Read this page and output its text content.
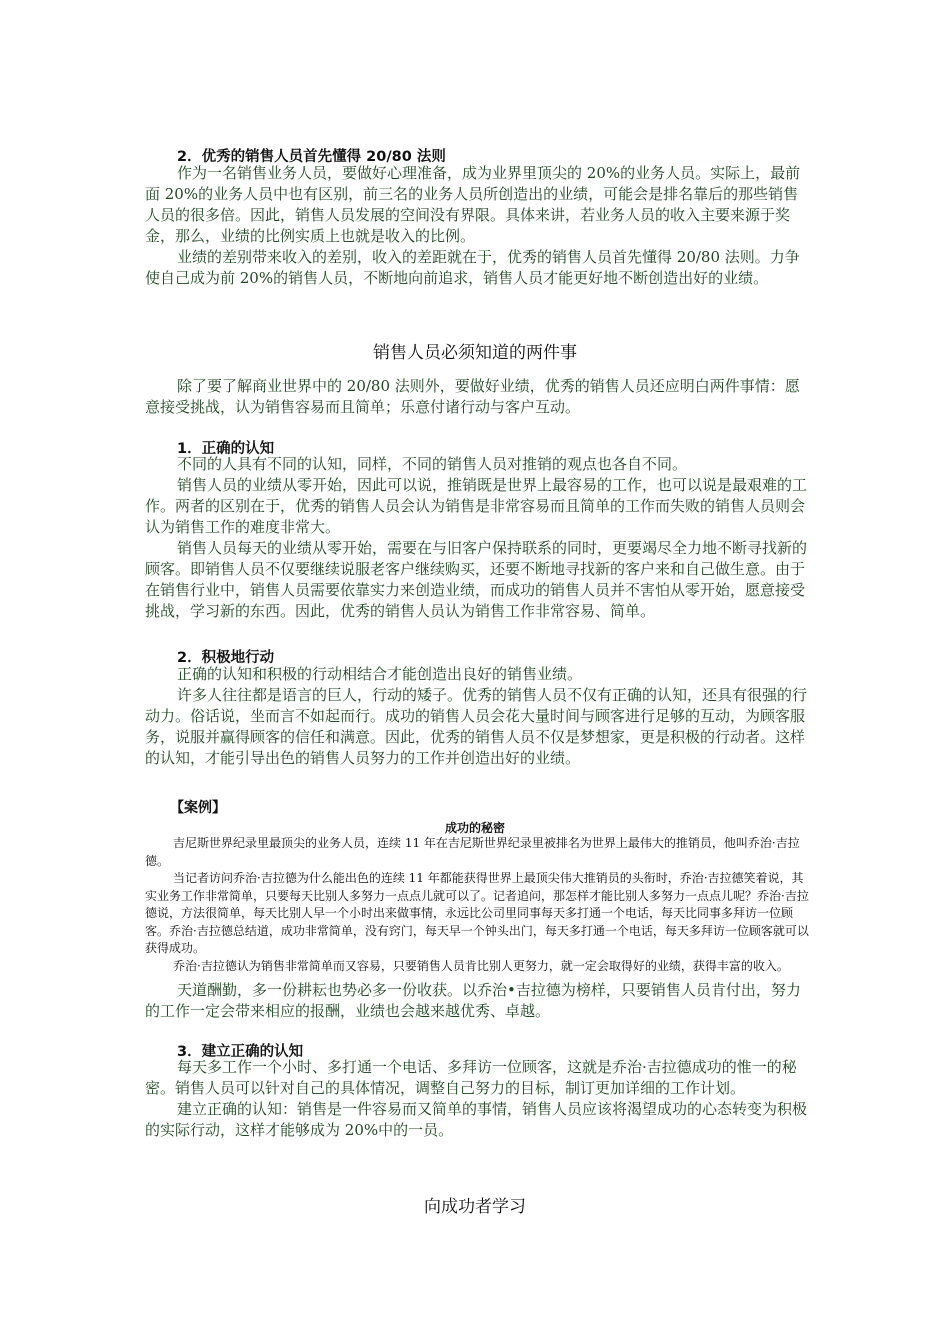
2．优秀的销售人员首先懂得 20/80 法则

作为一名销售业务人员，要做好心理准备，成为业界里顶尖的 20%的业务人员。实际上，最前面 20%的业务人员中也有区别，前三名的业务人员所创造出的业绩，可能会是排名靠后的那些销售人员的很多倍。因此，销售人员发展的空间没有界限。具体来讲，若业务人员的收入主要来源于奖金，那么，业绩的比例实质上也就是收入的比例。

业绩的差别带来收入的差别，收入的差距就在于，优秀的销售人员首先懂得 20/80 法则。力争使自己成为前 20%的销售人员，不断地向前追求，销售人员才能更好地不断创造出好的业绩。

销售人员必须知道的两件事

除了要了解商业世界中的 20/80 法则外，要做好业绩，优秀的销售人员还应明白两件事情：愿意接受挑战，认为销售容易而且简单；乐意付诸行动与客户互动。

1．正确的认知

不同的人具有不同的认知，同样，不同的销售人员对推销的观点也各自不同。

销售人员的业绩从零开始，因此可以说，推销既是世界上最容易的工作，也可以说是最艰难的工作。两者的区别在于，优秀的销售人员会认为销售是非常容易而且简单的工作而失败的销售人员则会认为销售工作的难度非常大。

销售人员每天的业绩从零开始，需要在与旧客户保持联系的同时，更要竭尽全力地不断寻找新的顾客。即销售人员不仅要继续说服老客户继续购买，还要不断地寻找新的客户来和自己做生意。由于在销售行业中，销售人员需要依靠实力来创造业绩，而成功的销售人员并不害怕从零开始，愿意接受挑战，学习新的东西。因此，优秀的销售人员认为销售工作非常容易、简单。

2．积极地行动

正确的认知和积极的行动相结合才能创造出良好的销售业绩。

许多人往往都是语言的巨人，行动的矮子。优秀的销售人员不仅有正确的认知，还具有很强的行动力。俗话说，坐而言不如起而行。成功的销售人员会花大量时间与顾客进行足够的互动，为顾客服务，说服并赢得顾客的信任和满意。因此，优秀的销售人员不仅是梦想家，更是积极的行动者。这样的认知，才能引导出色的销售人员努力的工作并创造出好的业绩。

【案例】
成功的秘密

吉尼斯世界纪录里最顶尖的业务人员，连续 11 年在吉尼斯世界纪录里被排名为世界上最伟大的推销员，他叫乔治·吉拉德。

当记者访问乔治·吉拉德为什么能出色的连续 11 年都能获得世界上最顶尖伟大推销员的头衔时，乔治·吉拉德笑着说，其实业务工作非常简单，只要每天比别人多努力一点点儿就可以了。记者追问，那怎样才能比别人多努力一点点儿呢？乔治·吉拉德说，方法很简单，每天比别人早一个小时出来做事情，永远比公司里同事每天多打通一个电话，每天比同事多拜访一位顾客。乔治·吉拉德总结道，成功非常简单，没有窍门，每天早一个钟头出门，每天多打通一个电话，每天多拜访一位顾客就可以获得成功。

乔治·吉拉德认为销售非常简单而又容易，只要销售人员肯比别人更努力，就一定会取得好的业绩，获得丰富的收入。

天道酬勤，多一份耕耘也势必多一份收获。以乔治•吉拉德为榜样，只要销售人员肯付出，努力的工作一定会带来相应的报酬，业绩也会越来越优秀、卓越。

3．建立正确的认知

每天多工作一个小时、多打通一个电话、多拜访一位顾客，这就是乔治·吉拉德成功的惟一的秘密。销售人员可以针对自己的具体情况，调整自己努力的目标，制订更加详细的工作计划。

建立正确的认知：销售是一件容易而又简单的事情，销售人员应该将渴望成功的心态转变为积极的实际行动，这样才能够成为 20%中的一员。

向成功者学习
